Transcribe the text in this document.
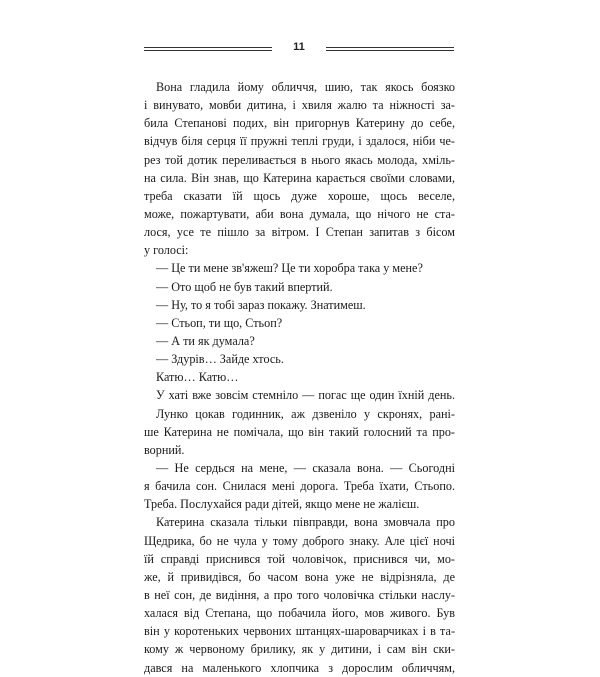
11
Вона гладила йому обличчя, шию, так якось боязко
і винувато, мовби дитина, і хвиля жалю та ніжності за-
била Степанові подих, він пригорнув Катерину до себе,
відчув біля серця її пружні теплі груди, і здалося, ніби че-
рез той дотик переливається в нього якась молода, хміль-
на сила. Він знав, що Катерина карається своїми словами,
треба сказати їй щось дуже хороше, щось веселе,
може, пожартувати, аби вона думала, що нічого не ста-
лося, усе те пішло за вітром. І Степан запитав з бісом
у голосі:
— Це ти мене зв'яжеш? Це ти хоробра така у мене?
— Ото щоб не був такий впертий.
— Ну, то я тобі зараз покажу. Знатимеш.
— Стьоп, ти що, Стьоп?
— А ти як думала?
— Здурів… Зайде хтось.
Катю… Катю…
У хаті вже зовсім стемніло — погас ще один їхній день.
Лунко цокав годинник, аж дзвеніло у скронях, рані-
ше Катерина не помічала, що він такий голосний та про-
ворний.
— Не сердься на мене, — сказала вона. — Сьогодні
я бачила сон. Снилася мені дорога. Треба їхати, Стьопо.
Треба. Послухайся ради дітей, якщо мене не жалієш.
Катерина сказала тільки півправди, вона змовчала про
Щедрика, бо не чула у тому доброго знаку. Але цієї ночі
їй справді приснився той чоловічок, приснився чи, мо-
же, й привидівся, бо часом вона уже не відрізняла, де
в неї сон, де видіння, а про того чоловічка стільки наслу-
халася від Степана, що побачила його, мов живого. Був
він у коротеньких червоних штанцях-шароварчиках і в та-
кому ж червоному брилику, як у дитини, і сам він ски-
дався на маленького хлопчика з дорослим обличчям,
